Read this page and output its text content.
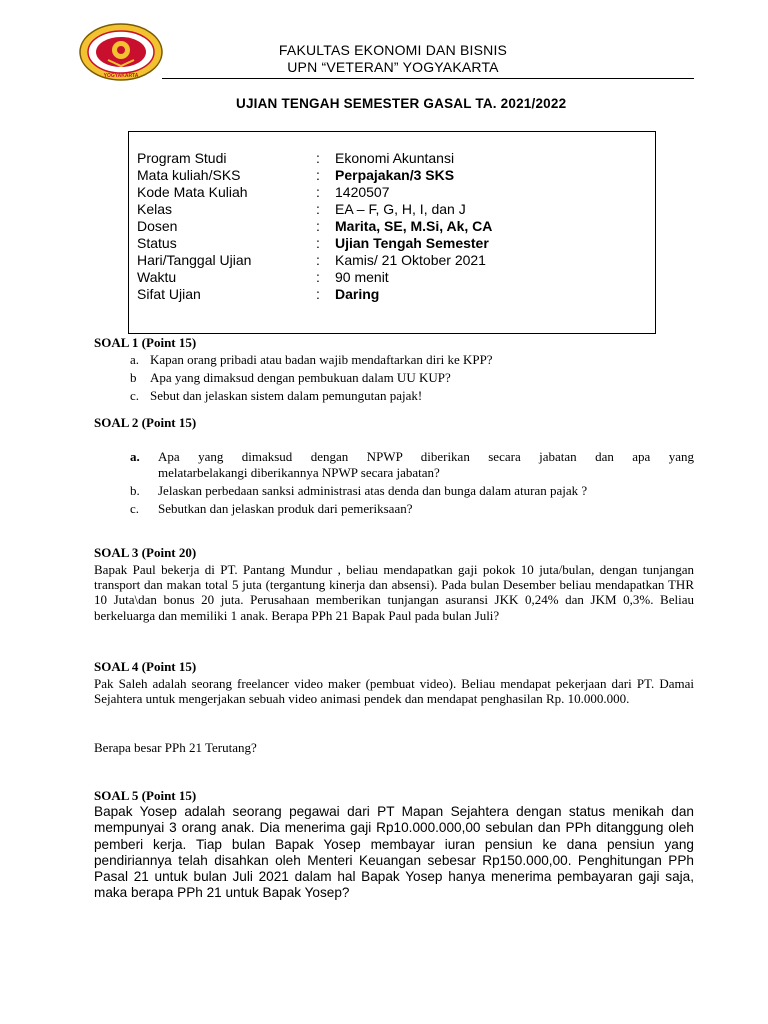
YOGYAKARTA
FAKULTAS EKONOMI DAN BISNIS
UPN “VETERAN” YOGYAKARTA
UJIAN TENGAH SEMESTER GASAL TA. 2021/2022
Program Studi	: Ekonomi Akuntansi
Mata kuliah/SKS	: Perpajakan/3 SKS
Kode Mata Kuliah	: 1420507
Kelas	: EA – F, G, H, I, dan J
Dosen	: Marita, SE, M.Si, Ak, CA
Status	: Ujian Tengah Semester
Hari/Tanggal Ujian	: Kamis/ 21 Oktober 2021
Waktu	: 90 menit
Sifat Ujian	: Daring
SOAL 1 (Point 15)
a. Kapan orang pribadi atau badan wajib mendaftarkan diri ke KPP?
b Apa yang dimaksud dengan pembukuan dalam UU KUP?
c. Sebut dan jelaskan sistem dalam pemungutan pajak!
SOAL 2 (Point 15)
a. Apa yang dimaksud dengan NPWP diberikan secara jabatan dan apa yang
melatarbelakangi diberikannya NPWP secara jabatan?
b. Jelaskan perbedaan sanksi administrasi atas denda dan bunga dalam aturan pajak ?
c. Sebutkan dan jelaskan produk dari pemeriksaan?
SOAL 3 (Point 20)
Bapak Paul bekerja di PT. Pantang Mundur , beliau mendapatkan gaji pokok 10 juta/bulan, dengan tunjangan transport dan makan total 5 juta (tergantung kinerja dan absensi). Pada bulan Desember beliau mendapatkan THR 10 Juta\dan bonus 20 juta. Perusahaan memberikan tunjangan asuransi JKK 0,24% dan JKM 0,3%. Beliau berkeluarga dan memiliki 1 anak. Berapa PPh 21 Bapak Paul pada bulan Juli?
SOAL 4 (Point 15)
Pak Saleh adalah seorang freelancer video maker (pembuat video). Beliau mendapat pekerjaan dari PT. Damai Sejahtera untuk mengerjakan sebuah video animasi pendek dan mendapat penghasilan Rp. 10.000.000.
Berapa besar PPh 21 Terutang?
SOAL 5 (Point 15)
Bapak Yosep adalah seorang pegawai dari PT Mapan Sejahtera dengan status menikah dan mempunyai 3 orang anak. Dia menerima gaji Rp10.000.000,00 sebulan dan PPh ditanggung oleh pemberi kerja. Tiap bulan Bapak Yosep membayar iuran pensiun ke dana pensiun yang pendiriannya telah disahkan oleh Menteri Keuangan sebesar Rp150.000,00. Penghitungan PPh Pasal 21 untuk bulan Juli 2021 dalam hal Bapak Yosep hanya menerima pembayaran gaji saja, maka berapa PPh 21 untuk Bapak Yosep?
